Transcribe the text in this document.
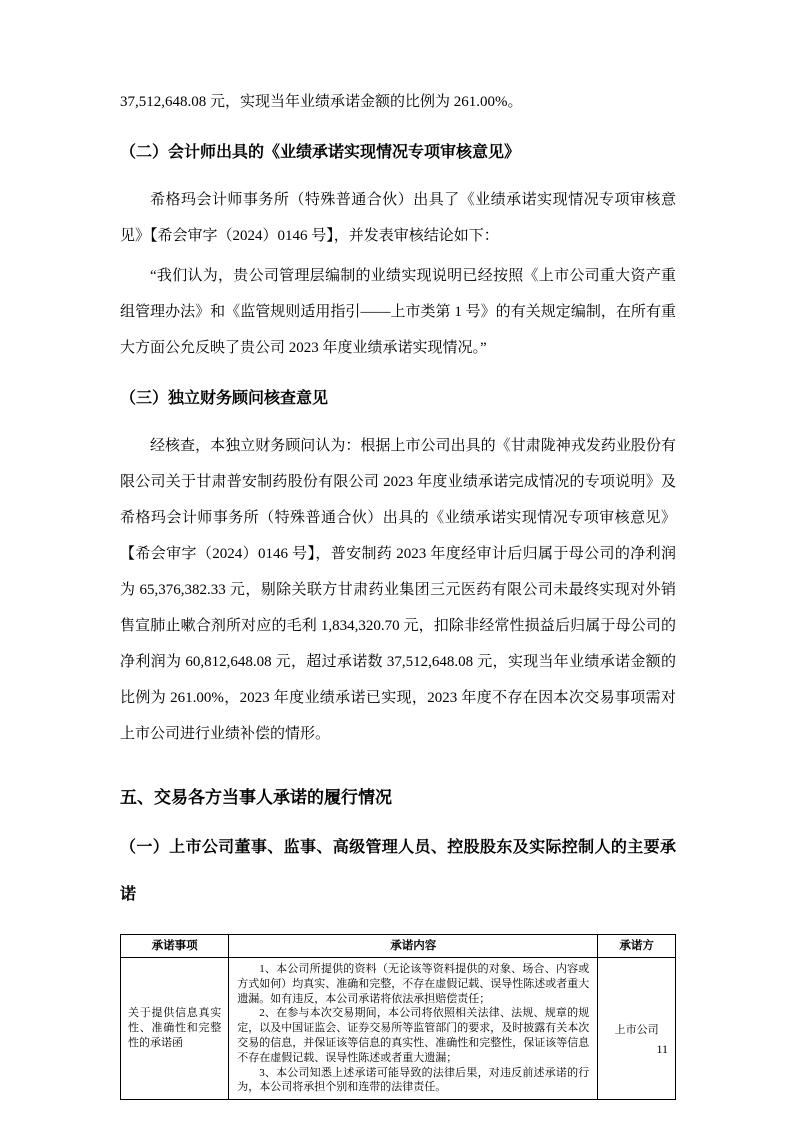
37,512,648.08 元，实现当年业绩承诺金额的比例为 261.00%。

（二）会计师出具的《业绩承诺实现情况专项审核意见》

希格玛会计师事务所（特殊普通合伙）出具了《业绩承诺实现情况专项审核意见》【希会审字（2024）0146 号】，并发表审核结论如下：

“我们认为，贵公司管理层编制的业绩实现说明已经按照《上市公司重大资产重组管理办法》和《监管规则适用指引——上市类第 1 号》的有关规定编制，在所有重大方面公允反映了贵公司 2023 年度业绩承诺实现情况。”

（三）独立财务顾问核查意见

经核查，本独立财务顾问认为：根据上市公司出具的《甘肃陇神戎发药业股份有限公司关于甘肃普安制药股份有限公司 2023 年度业绩承诺完成情况的专项说明》及希格玛会计师事务所（特殊普通合伙）出具的《业绩承诺实现情况专项审核意见》【希会审字（2024）0146 号】，普安制药 2023 年度经审计后归属于母公司的净利润为 65,376,382.33 元，剔除关联方甘肃药业集团三元医药有限公司未最终实现对外销售宣肺止嗽合剂所对应的毛利 1,834,320.70 元，扣除非经常性损益后归属于母公司的净利润为 60,812,648.08 元，超过承诺数 37,512,648.08 元，实现当年业绩承诺金额的比例为 261.00%，2023 年度业绩承诺已实现，2023 年度不存在因本次交易事项需对上市公司进行业绩补偿的情形。

五、交易各方当事人承诺的履行情况
（一）上市公司董事、监事、高级管理人员、控股股东及实际控制人的主要承诺
承诺事项	承诺内容	承诺方
关于提供信息真实性、准确性和完整性的承诺函	1、本公司所提供的资料（无论该等资料提供的对象、场合、内容或方式如何）均真实、准确和完整，不存在虚假记载、误导性陈述或者重大遗漏。如有违反，本公司承诺将依法承担赔偿责任；

2、在参与本次交易期间，本公司将依照相关法律、法规、规章的规定，以及中国证监会、证券交易所等监管部门的要求，及时披露有关本次交易的信息，并保证该等信息的真实性、准确性和完整性，保证该等信息不存在虚假记载、误导性陈述或者重大遗漏；

3、本公司知悉上述承诺可能导致的法律后果，对违反前述承诺的行为，本公司将承担个别和连带的法律责任。	上市公司
11
